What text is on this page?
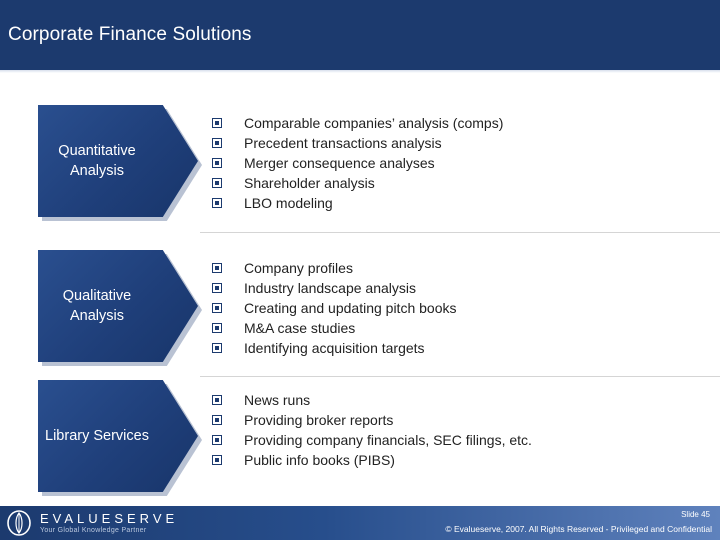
Corporate Finance Solutions
Quantitative Analysis
Comparable companies’ analysis (comps)
Precedent transactions analysis
Merger consequence analyses
Shareholder analysis
LBO modeling
Qualitative Analysis
Company profiles
Industry landscape analysis
Creating and updating pitch books
M&A case studies
Identifying acquisition targets
Library Services
News runs
Providing broker reports
Providing company financials, SEC filings, etc.
Public info books (PIBS)
EVALUESERVE
Your Global Knowledge Partner
Slide 45
© Evalueserve, 2007. All Rights Reserved - Privileged and Confidential
